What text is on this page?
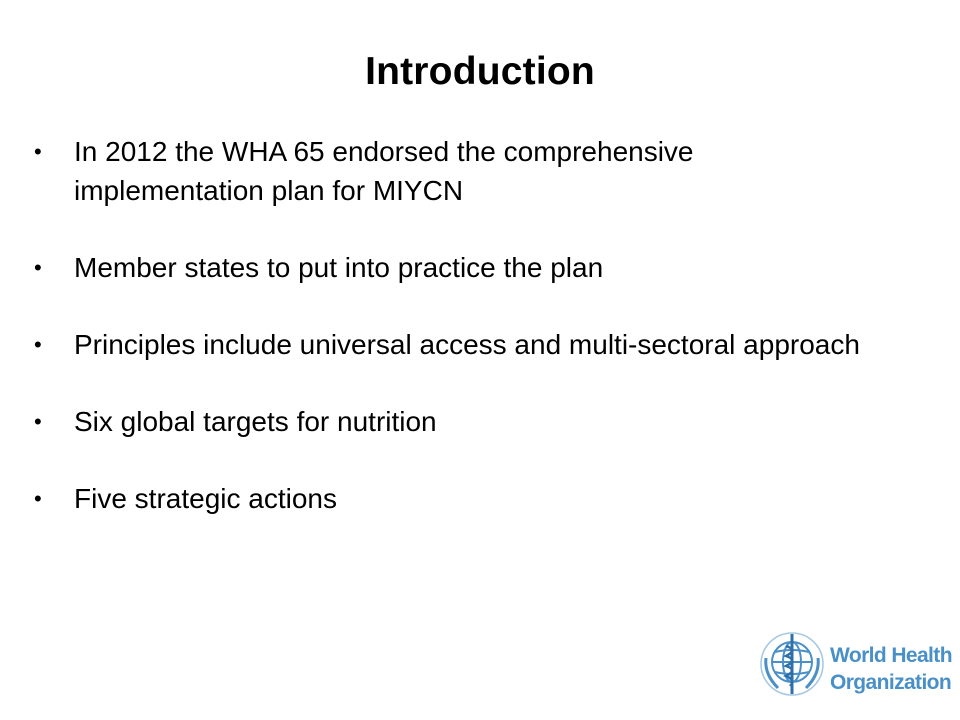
Introduction
•	In 2012 the WHA 65 endorsed the comprehensive implementation plan for MIYCN
•	Member states to put into practice the plan
•	Principles include universal access and multi-sectoral approach
•	Six global targets for nutrition
•	Five strategic actions
World Health
Organization
